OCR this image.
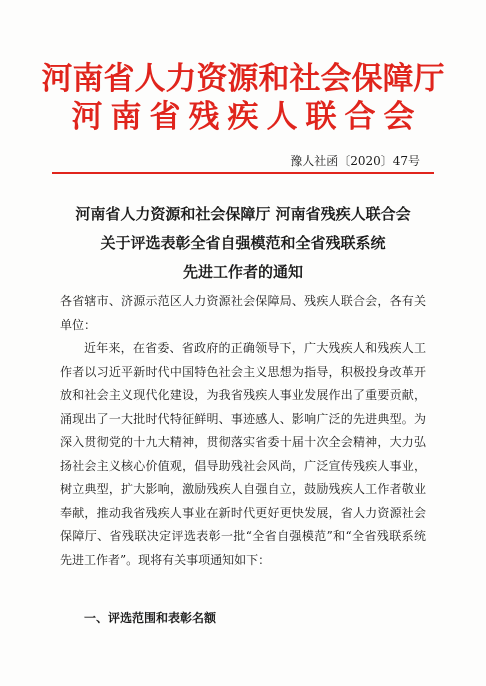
河南省人力资源和社会保障厅
河南省残疾人联合会
豫人社函〔2020〕47号
河南省人力资源和社会保障厅 河南省残疾人联合会
关于评选表彰全省自强模范和全省残联系统
先进工作者的通知

各省辖市、济源示范区人力资源社会保障局、残疾人联合会，各有关单位：

近年来，在省委、省政府的正确领导下，广大残疾人和残疾人工作者以习近平新时代中国特色社会主义思想为指导，积极投身改革开放和社会主义现代化建设，为我省残疾人事业发展作出了重要贡献，涌现出了一大批时代特征鲜明、事迹感人、影响广泛的先进典型。为深入贯彻党的十九大精神，贯彻落实省委十届十次全会精神，大力弘扬社会主义核心价值观，倡导助残社会风尚，广泛宣传残疾人事业，树立典型，扩大影响，激励残疾人自强自立，鼓励残疾人工作者敬业奉献，推动我省残疾人事业在新时代更好更快发展，省人力资源社会保障厅、省残联决定评选表彰一批“全省自强模范”和“全省残联系统先进工作者”。现将有关事项通知如下：

一、评选范围和表彰名额
